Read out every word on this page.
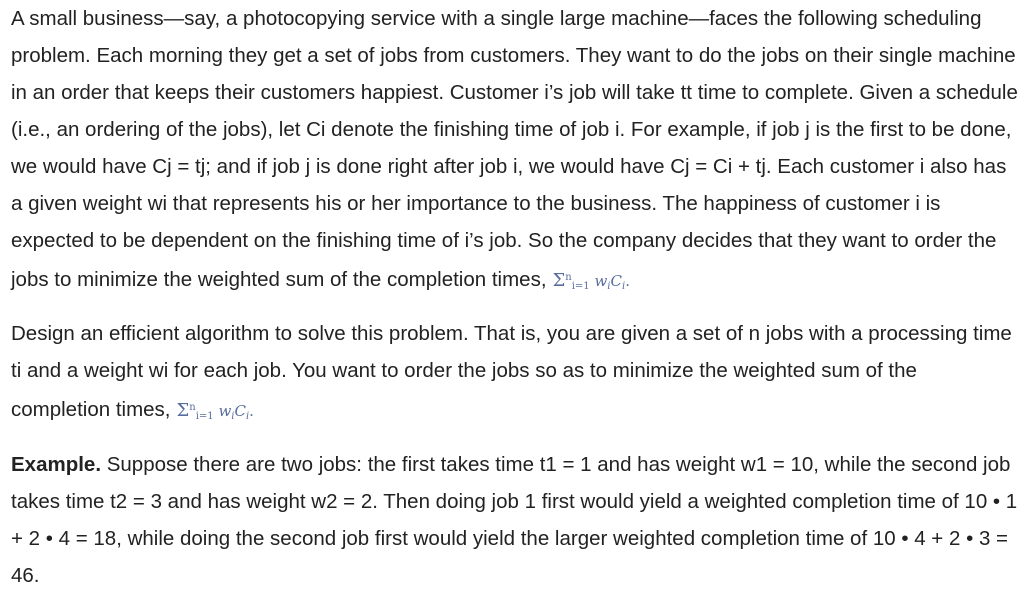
A small business—say, a photocopying service with a single large machine—faces the following scheduling problem. Each morning they get a set of jobs from customers. They want to do the jobs on their single machine in an order that keeps their customers happiest. Customer i’s job will take tt time to complete. Given a schedule (i.e., an ordering of the jobs), let Ci denote the finishing time of job i. For example, if job j is the first to be done, we would have Cj = tj; and if job j is done right after job i, we would have Cj = Ci + tj. Each customer i also has a given weight wi that represents his or her importance to the business. The happiness of customer i is expected to be dependent on the finishing time of i’s job. So the company decides that they want to order the jobs to minimize the weighted sum of the completion times, $\Sigma^n_{i=1}$ $w_iC_i$.

Design an efficient algorithm to solve this problem. That is, you are given a set of n jobs with a processing time ti and a weight wi for each job. You want to order the jobs so as to minimize the weighted sum of the completion times, $\Sigma^n_{i=1}$ $w_iC_i$.

Example. Suppose there are two jobs: the first takes time t1 = 1 and has weight w1 = 10, while the second job takes time t2 = 3 and has weight w2 = 2. Then doing job 1 first would yield a weighted completion time of 10 • 1 + 2 • 4 = 18, while doing the second job first would yield the larger weighted completion time of 10 • 4 + 2 • 3 = 46.
